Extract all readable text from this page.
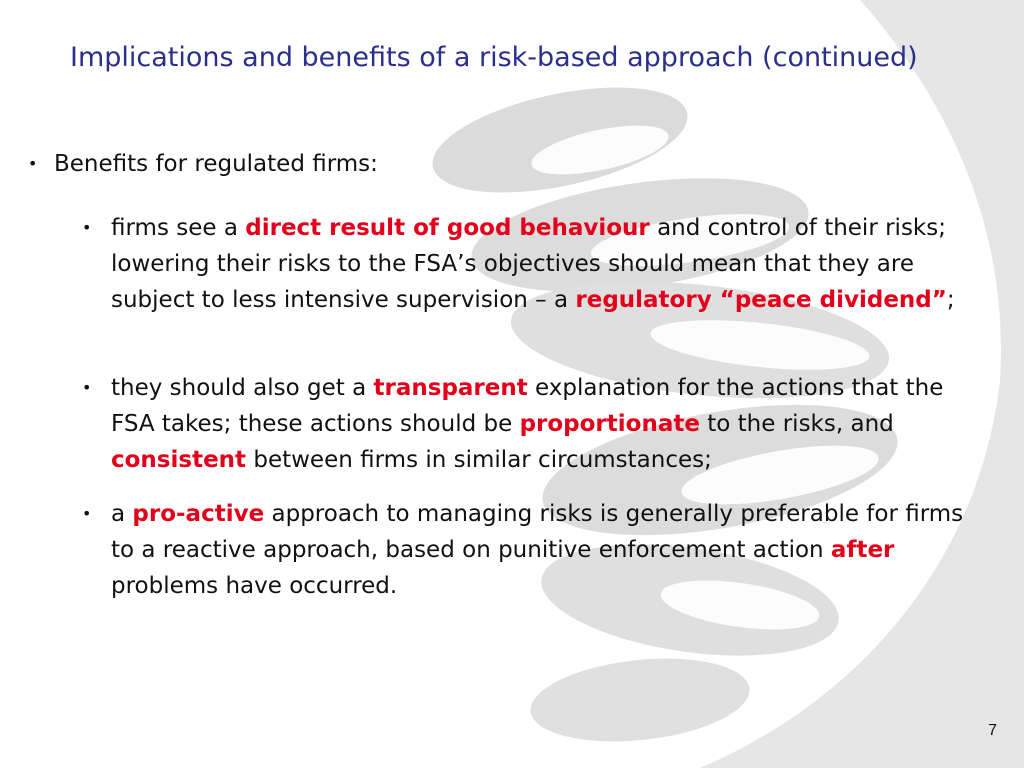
Implications and benefits of a risk-based approach (continued)
• Benefits for regulated firms:
• firms see a direct result of good behaviour and control of their risks; lowering their risks to the FSA’s objectives should mean that they are subject to less intensive supervision – a regulatory “peace dividend”;
• they should also get a transparent explanation for the actions that the FSA takes; these actions should be proportionate to the risks, and consistent between firms in similar circumstances;
• a pro-active approach to managing risks is generally preferable for firms to a reactive approach, based on punitive enforcement action after problems have occurred.
7
